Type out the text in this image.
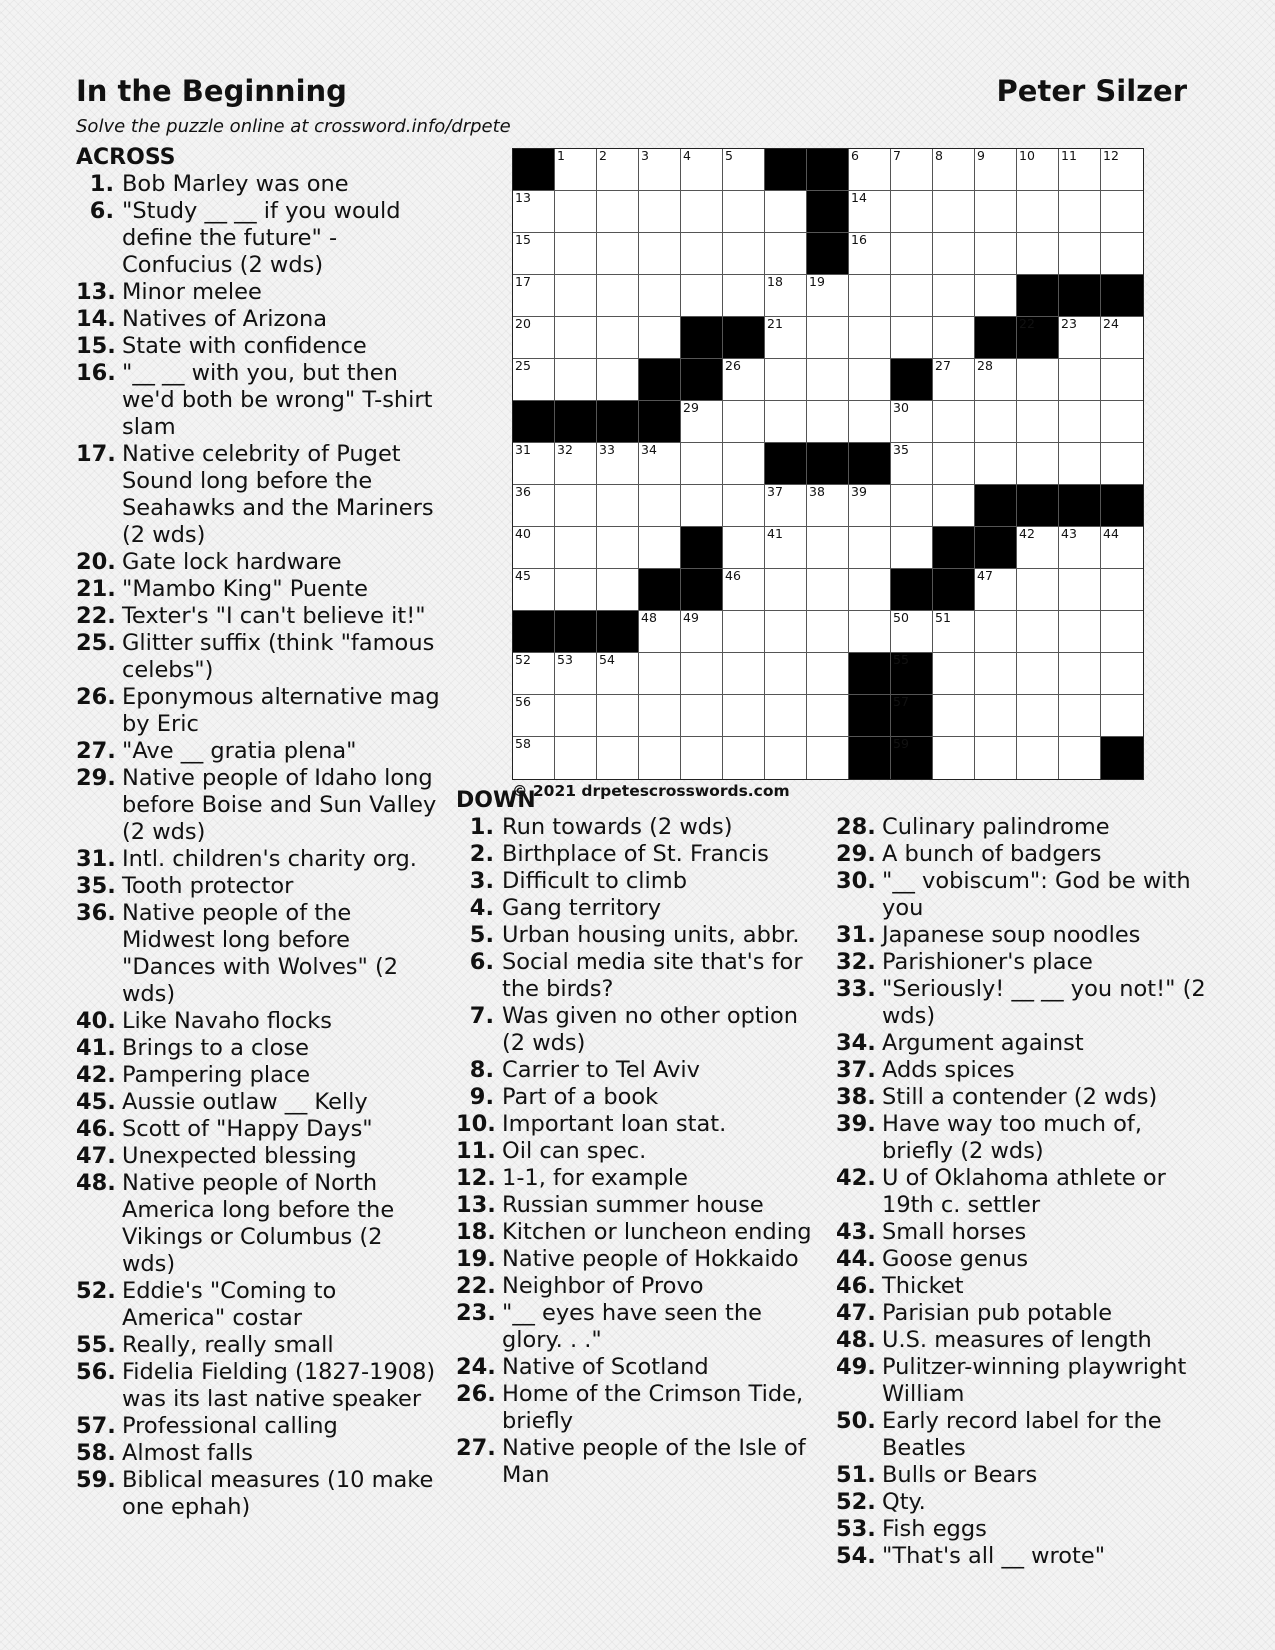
In the Beginning	Peter Silzer
Solve the puzzle online at crossword.info/drpete
ACROSS
1. Bob Marley was one
6. "Study __ __ if you would define the future" - Confucius (2 wds)
13. Minor melee
14. Natives of Arizona
15. State with confidence
16. "__ __ with you, but then we'd both be wrong" T-shirt slam
17. Native celebrity of Puget Sound long before the Seahawks and the Mariners (2 wds)
20. Gate lock hardware
21. "Mambo King" Puente
22. Texter's "I can't believe it!"
25. Glitter suffix (think "famous celebs")
26. Eponymous alternative mag by Eric
27. "Ave __ gratia plena"
29. Native people of Idaho long before Boise and Sun Valley (2 wds)
31. Intl. children's charity org.
35. Tooth protector
36. Native people of the Midwest long before "Dances with Wolves" (2 wds)
40. Like Navaho flocks
41. Brings to a close
42. Pampering place
45. Aussie outlaw __ Kelly
46. Scott of "Happy Days"
47. Unexpected blessing
48. Native people of North America long before the Vikings or Columbus (2 wds)
52. Eddie's "Coming to America" costar
55. Really, really small
56. Fidelia Fielding (1827-1908) was its last native speaker
57. Professional calling
58. Almost falls
59. Biblical measures (10 make one ephah)
1	2	3	4	5	6	7	8	9	10 11 12
13	14
15	16
17	18 19
20	21	22 23 24
25	26	27 28
29	30
31 32 33 34	35
36	37 38 39
40	41	42 43 44
45	46	47
48 49	50 51
52 53 54	55
56	57
58	59
© 2021 drpetescrosswords.com
DOWN
1. Run towards (2 wds)
2. Birthplace of St. Francis
3. Difficult to climb
4. Gang territory
5. Urban housing units, abbr.
6. Social media site that's for the birds?
7. Was given no other option (2 wds)
8. Carrier to Tel Aviv
9. Part of a book
10. Important loan stat.
11. Oil can spec.
12. 1-1, for example
13. Russian summer house
18. Kitchen or luncheon ending
19. Native people of Hokkaido
22. Neighbor of Provo
23. "__ eyes have seen the glory. . ."
24. Native of Scotland
26. Home of the Crimson Tide, briefly
27. Native people of the Isle of Man
28. Culinary palindrome
29. A bunch of badgers
30. "__ vobiscum": God be with you
31. Japanese soup noodles
32. Parishioner's place
33. "Seriously! __ __ you not!" (2 wds)
34. Argument against
37. Adds spices
38. Still a contender (2 wds)
39. Have way too much of, briefly (2 wds)
42. U of Oklahoma athlete or 19th c. settler
43. Small horses
44. Goose genus
46. Thicket
47. Parisian pub potable
48. U.S. measures of length
49. Pulitzer-winning playwright William
50. Early record label for the Beatles
51. Bulls or Bears
52. Qty.
53. Fish eggs
54. "That's all __ wrote"
